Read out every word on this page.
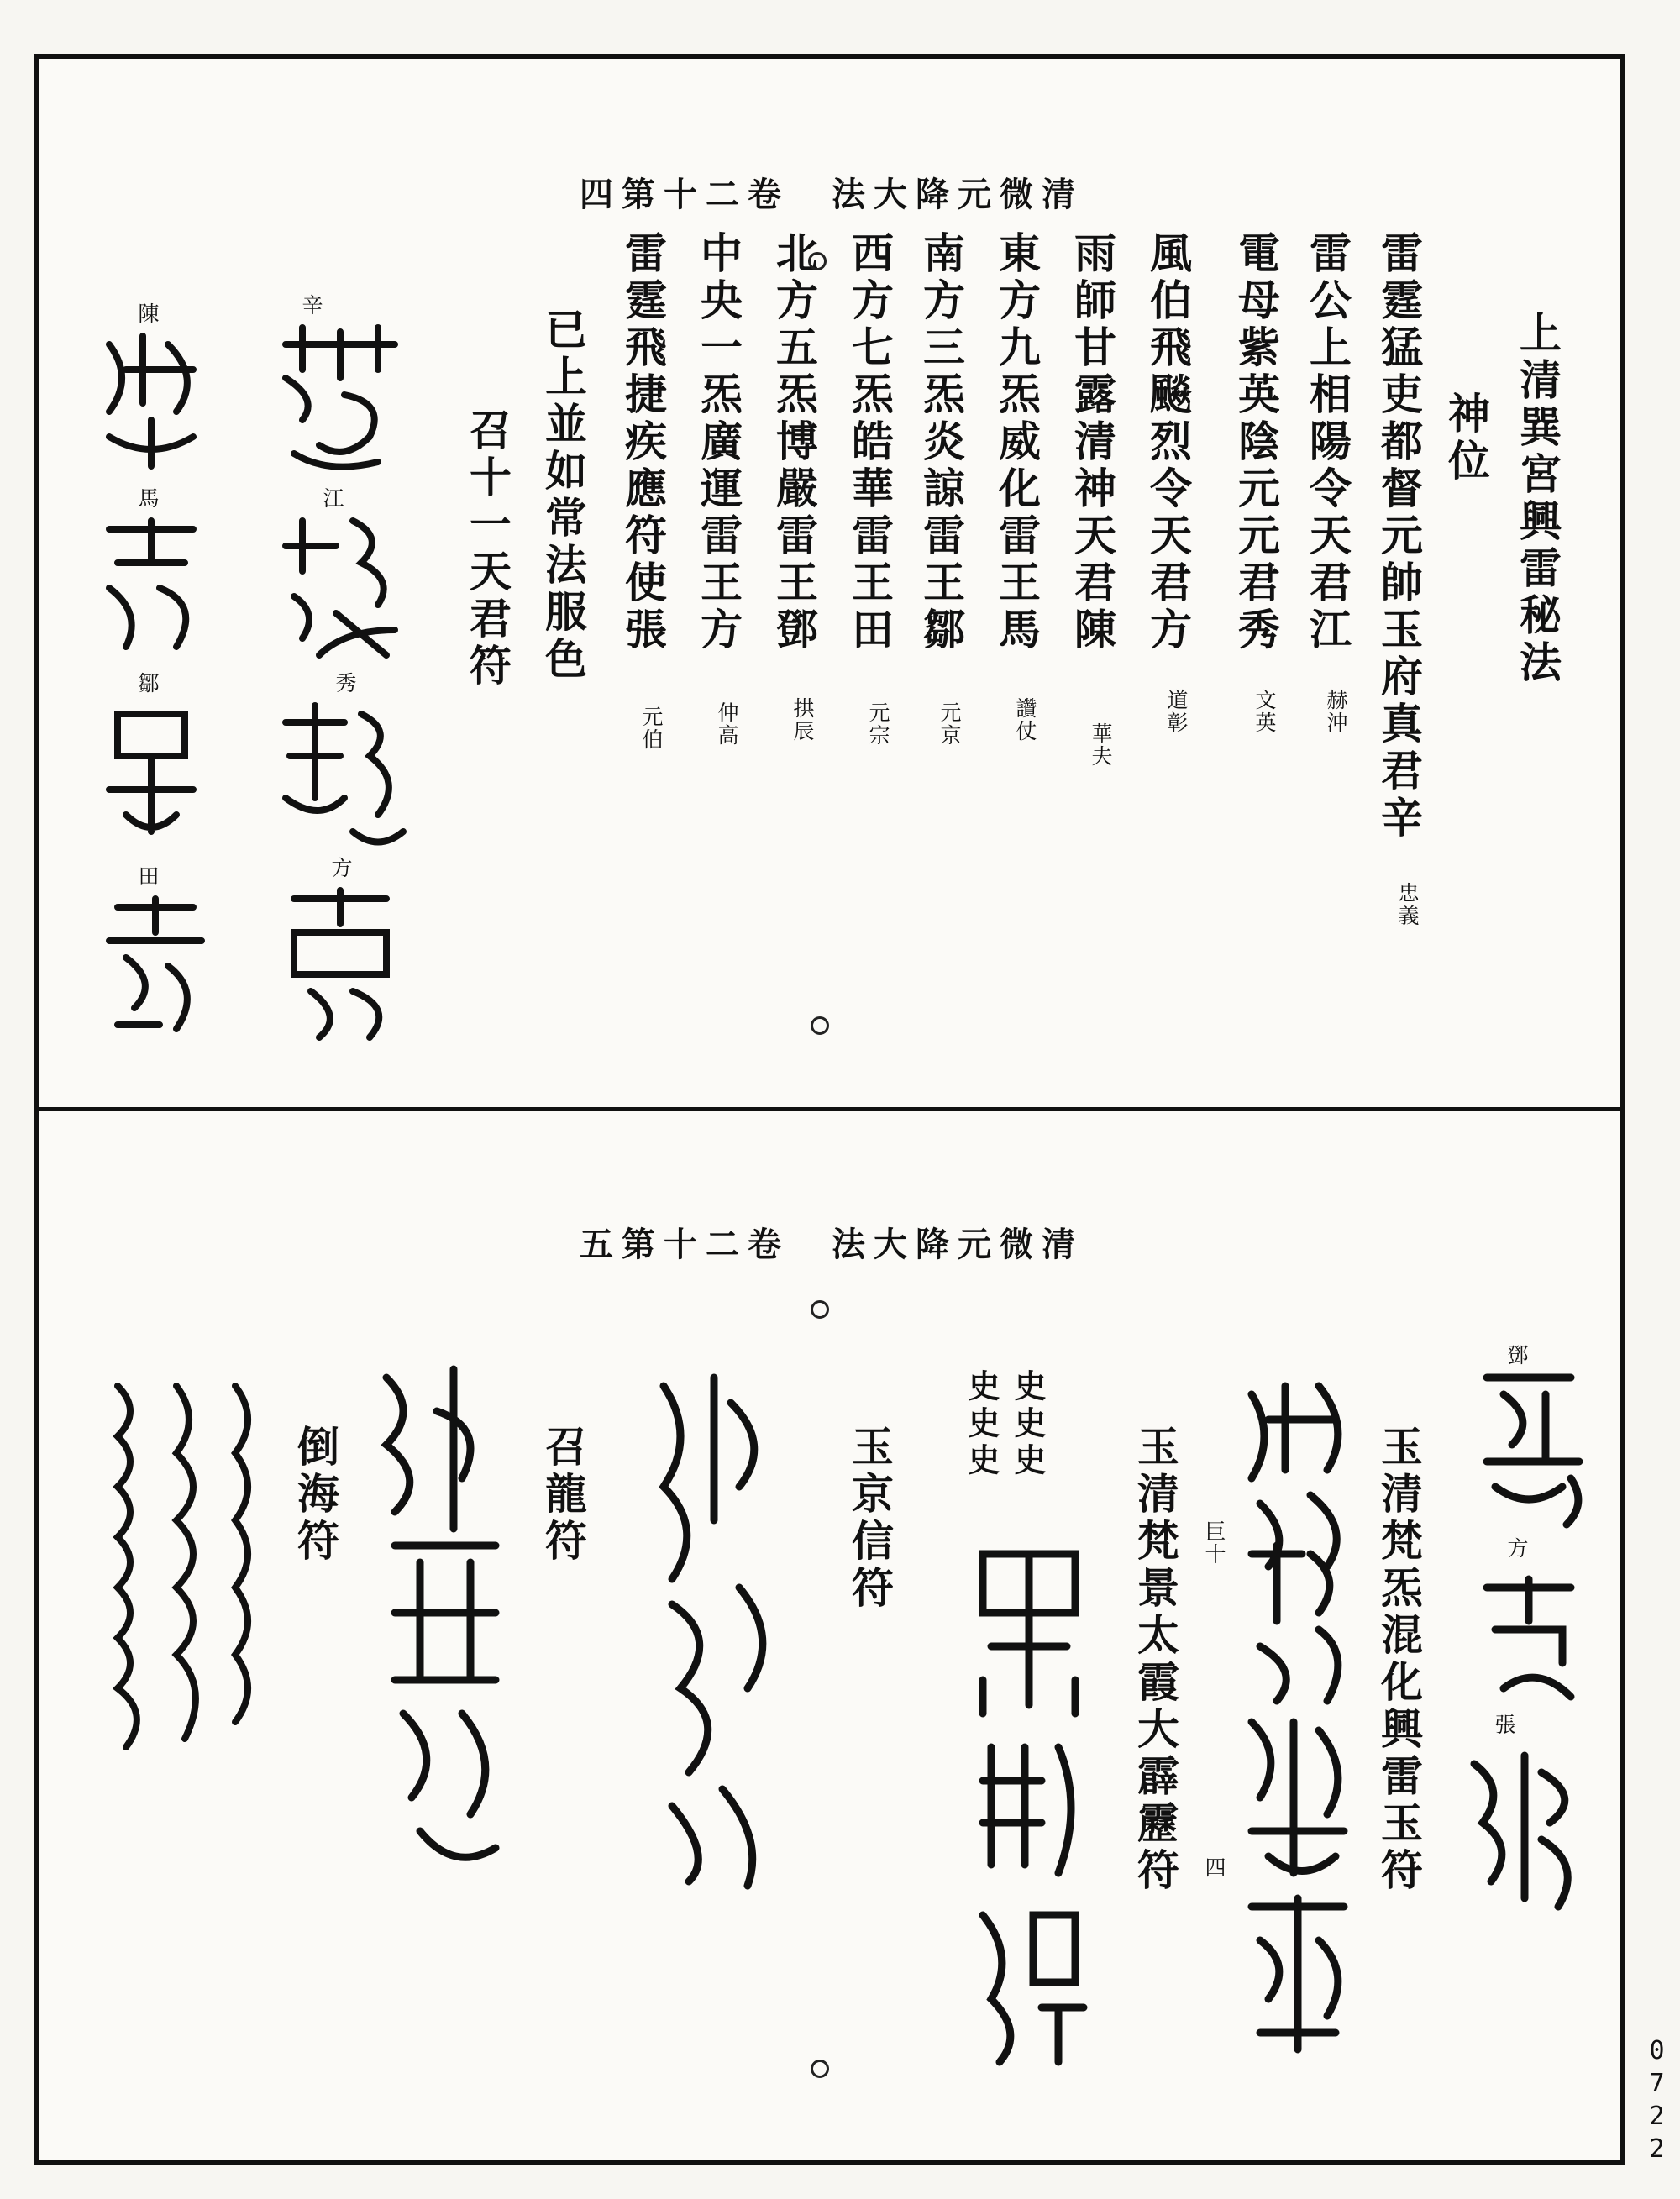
四第十二卷　法大降元微清
上清巽宮興雷秘法
　神位
雷霆猛吏都督元帥玉府真君辛
忠義
雷公上相陽令天君江
赫沖
電母紫英陰元元君秀
文英
風伯飛飈烈令天君方
道彰
雨師甘露清神天君陳
華夫
東方九炁威化雷王馬
讚仗
南方三炁炎諒雷王鄒
元京
西方七炁皓華雷王田
元宗
北方五炁博嚴雷王鄧
拱辰
中央一炁廣運雷王方
仲高
雷霆飛捷疾應符使張
元伯
　已上並如常法服色
　召十一天君符
辛
江
秀
方
陳
馬
鄒
田
五第十二卷　法大降元微清
　玉清梵炁混化興雷玉符
　玉清梵景太霞大霹靂符
　玉京信符
　召龍符
　倒海符
鄧
方
張
巨十
四
史史史
史史史
0722
